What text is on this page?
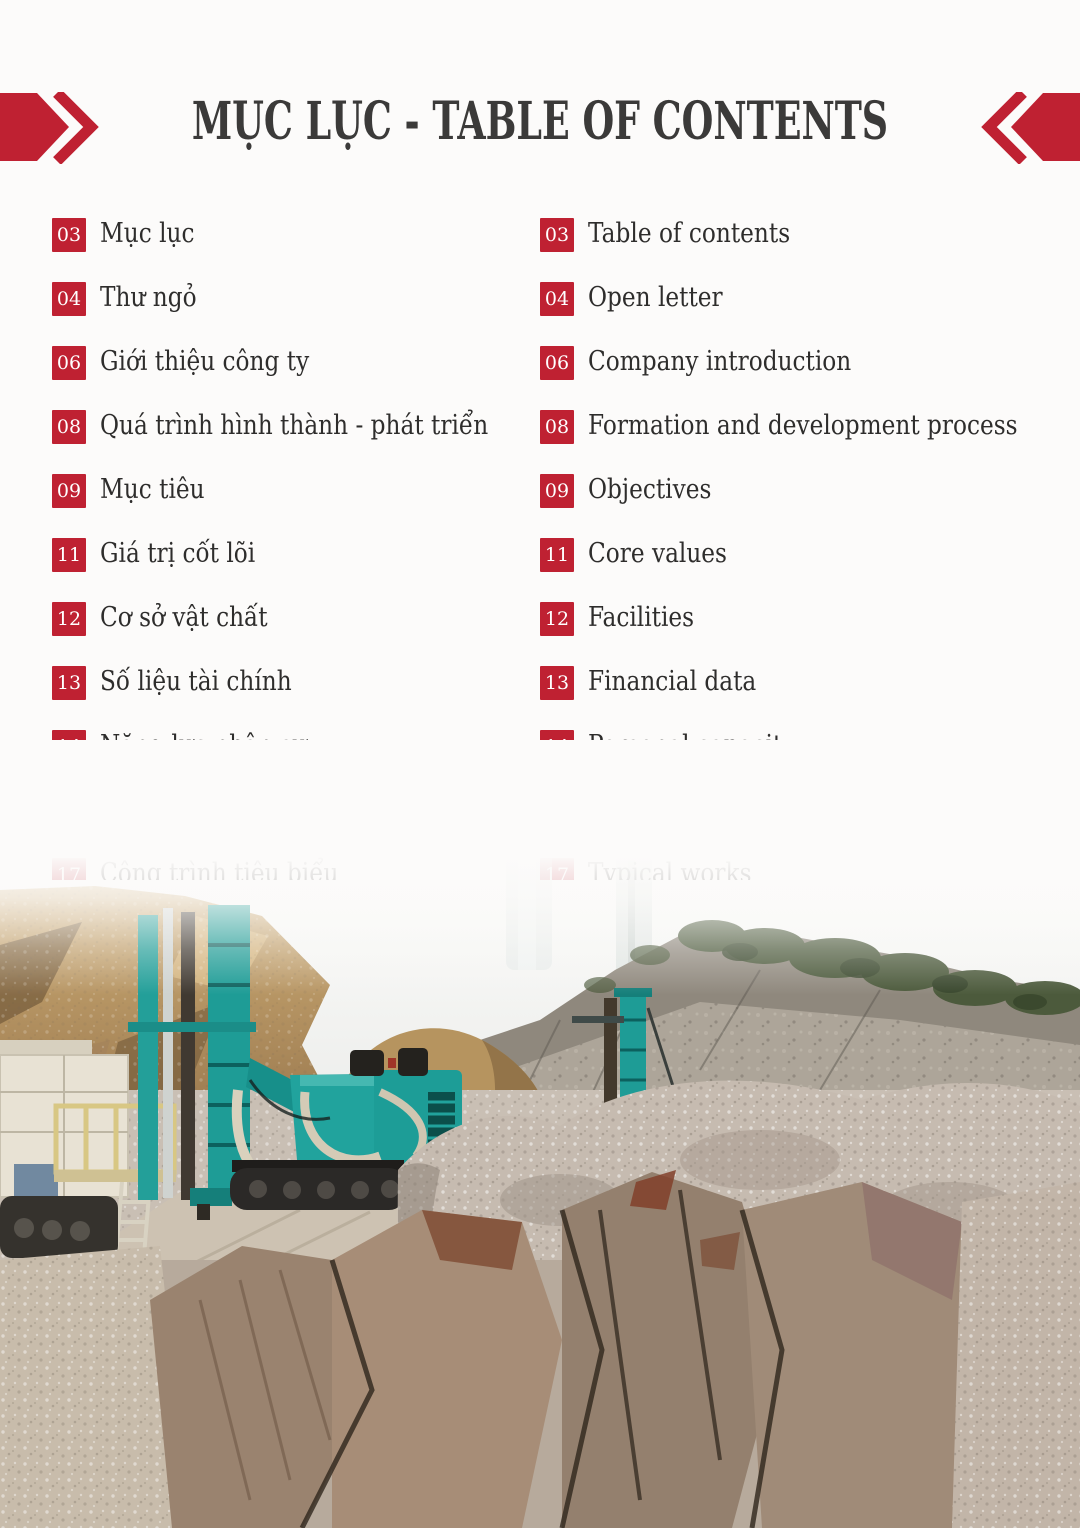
MỤC LỤC - TABLE OF CONTENTS
03 Mục lục
04 Thư ngỏ
06 Giới thiệu công ty
08 Quá trình hình thành - phát triển
09 Mục tiêu
11 Giá trị cốt lõi
12 Cơ sở vật chất
13 Số liệu tài chính
03 Table of contents
04 Open letter
06 Company introduction
08 Formation and development process
09 Objectives
11 Core values
12 Facilities
13 Financial data
